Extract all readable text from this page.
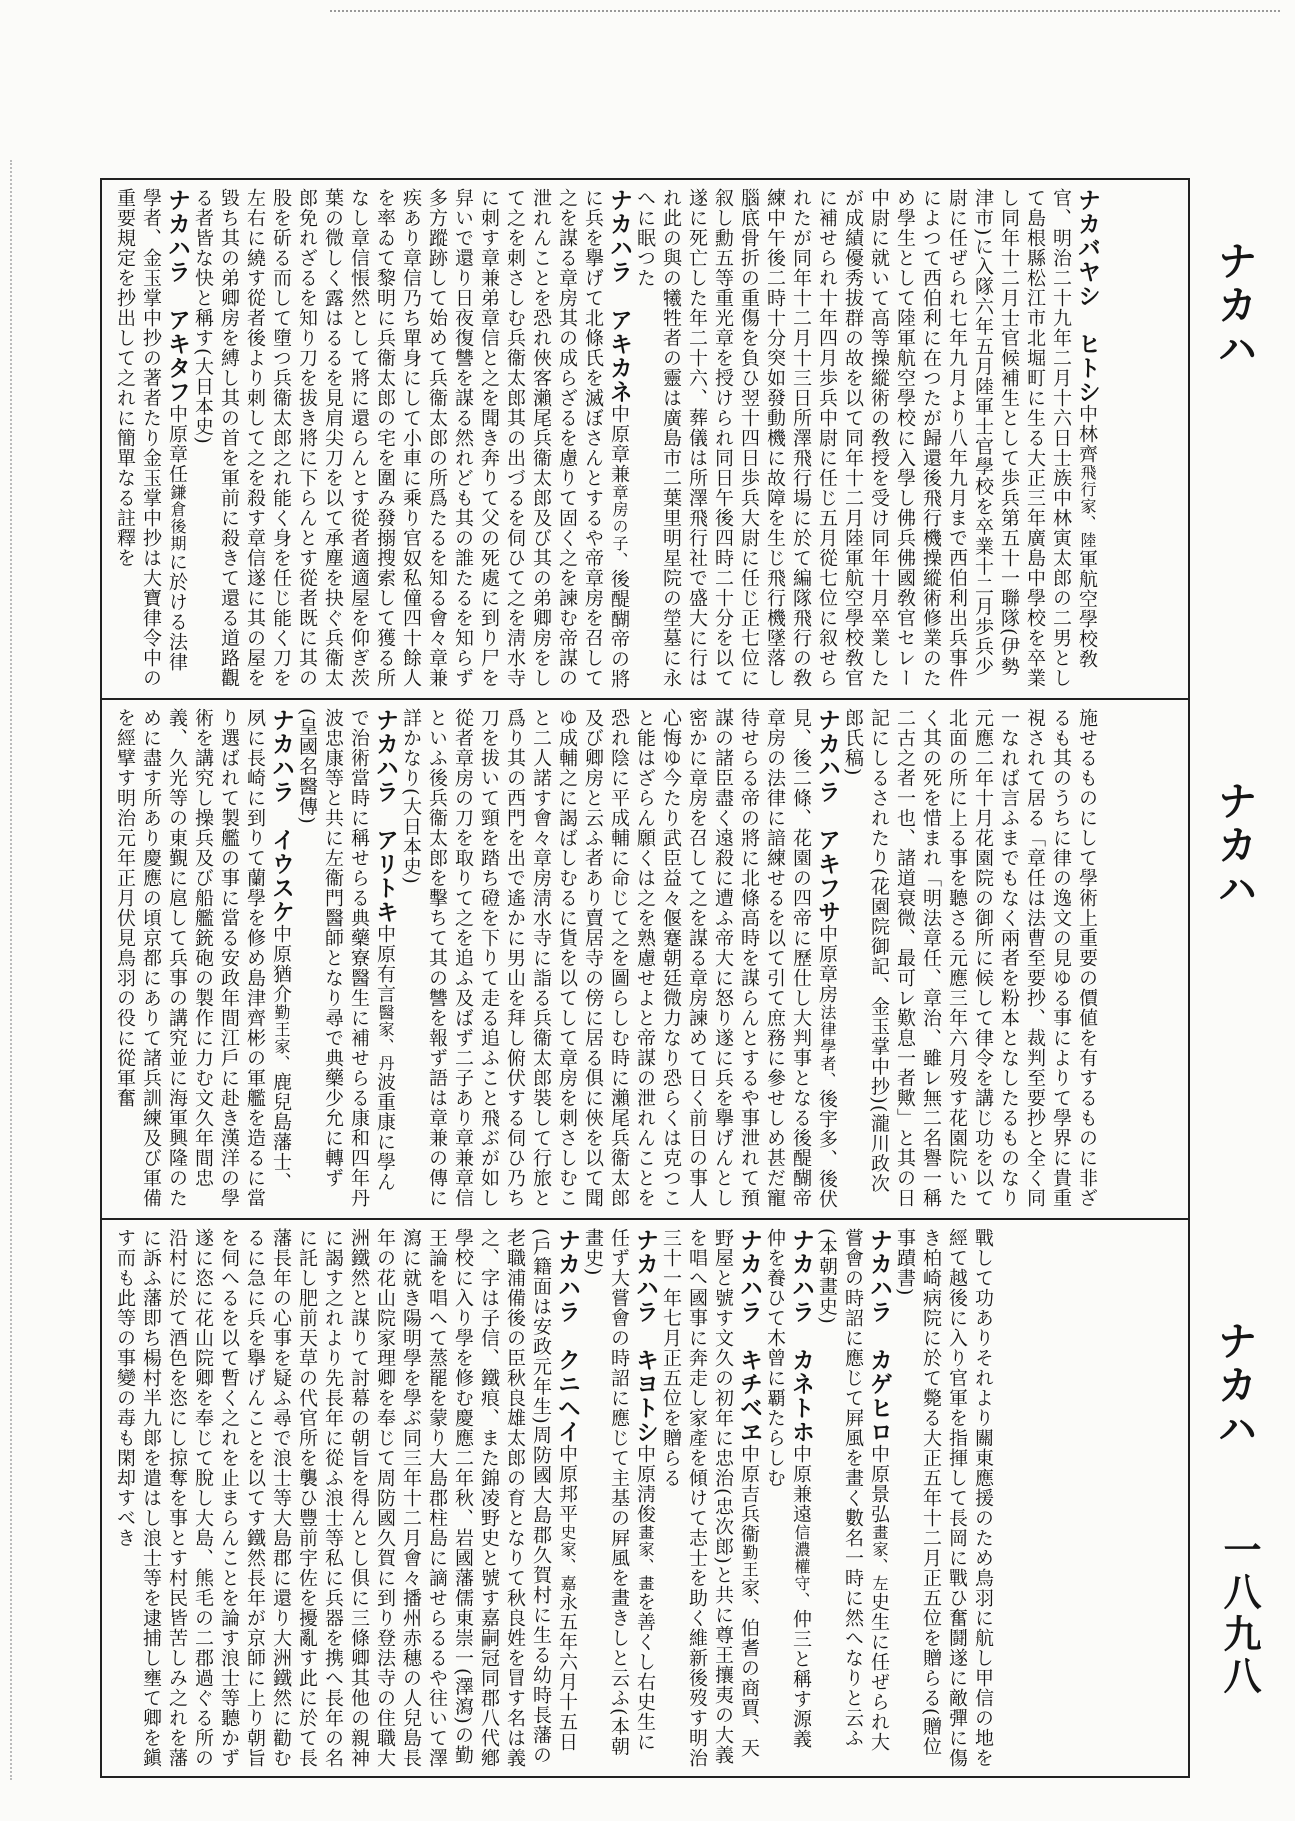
ナカバヤシ　ヒトシ中林齊飛行家、陸軍航空學校敎官、明治二十九年二月十六日士族中林寅太郎の二男として島根縣松江市北堀町に生る大正三年廣島中學校を卒業し同年十二月士官候補生として歩兵第五十一聯隊(伊勢津市)に入隊六年五月陸軍士官學校を卒業十二月歩兵少尉に任ぜられ七年九月より八年九月まで西伯利出兵事件によつて西伯利に在つたが歸還後飛行機操縱術修業のため學生として陸軍航空學校に入學し佛兵佛國敎官セレー中尉に就いて高等操縱術の敎授を受け同年十月卒業したが成績優秀拔群の故を以て同年十二月陸軍航空學校敎官に補せられ十年四月歩兵中尉に任じ五月從七位に叙せられたが同年十二月十三日所澤飛行場に於て編隊飛行の敎練中午後二時十分突如發動機に故障を生じ飛行機墜落し腦底骨折の重傷を負ひ翌十四日歩兵大尉に任じ正七位に叙し勳五等重光章を授けられ同日午後四時二十分を以て遂に死亡した年二十六、葬儀は所澤飛行社で盛大に行はれ此の與の犧牲者の靈は廣島市二葉里明星院の塋墓に永へに眠つた
ナカハラ　アキカネ中原章兼章房の子、後醍醐帝の將に兵を擧げて北條氏を滅ぼさんとするや帝章房を召して之を謀る章房其の成らざるを慮りて固く之を諫む帝謀の泄れんことを恐れ俠客瀨尾兵衞太郎及び其の弟卿房をして之を刺さしむ兵衞太郎其の出づるを伺ひて之を淸水寺に刺す章兼弟章信と之を聞き奔りて父の死處に到り尸を舁いで還り日夜復讐を謀る然れども其の誰たるを知らず多方蹤跡して始めて兵衞太郎の所爲たるを知る會々章兼疾あり章信乃ち單身にして小車に乘り官奴私僮四十餘人を率ゐて黎明に兵衞太郎の宅を圍み發搦搜索して獲る所なし章信悵然として將に還らんとす從者適適屋を仰ぎ茨葉の微しく露はるるを見肩尖刀を以て承塵を抉ぐ兵衞太郎免れざるを知り刀を拔き將に下らんとす從者既に其の股を斫る而して墮つ兵衞太郎之れ能く身を任じ能く刀を左右に繞す從者後より刺して之を殺す章信遂に其の屋を毀ち其の弟卿房を縛し其の首を軍前に殺きて還る道路觀る者皆な快と稱す(大日本史)
ナカハラ　アキタフ中原章任鎌倉後期に於ける法律學者、金玉掌中抄の著者たり金玉掌中抄は大寶律令中の重要規定を抄出して之れに簡單なる註釋を
施せるものにして學術上重要の價値を有するものに非ざるも其のうちに律の逸文の見ゆる事によりて學界に貴重視されて居る「章任は法曹至要抄、裁判至要抄と全く同一なれば言ふまでもなく兩者を粉本となしたるものなり元應二年十月花園院の御所に候して律令を講じ功を以て北面の所に上る事を聽さる元應三年六月歿す花園院いたく其の死を惜まれ「明法章任、章治、雖レ無二名譽一稱二古之者一也、諸道衰微、最可レ歎息一者歟」と其の日記にしるされたり(花園院御記、金玉掌中抄)(瀧川政次郎氏稿)
ナカハラ　アキフサ中原章房法律學者、後宇多、後伏見、後二條、花園の四帝に歷仕し大判事となる後醍醐帝章房の法律に諳練せるを以て引て庶務に參せしめ甚だ寵待せらる帝の將に北條高時を謀らんとするや事泄れて預謀の諸臣盡く遠殺に遭ふ帝大に怒り遂に兵を擧げんとし密かに章房を召して之を謀る章房諫めて日く前日の事人心悔ゆ今たり武臣益々偃蹇朝廷微力なり恐らくは克つこと能はざらん願くは之を熟慮せよと帝謀の泄れんことを恐れ陰に平成輔に命じて之を圖らしむ時に瀨尾兵衞太郎及び卿房と云ふ者あり賣居寺の傍に居る俱に俠を以て聞ゆ成輔之に謁ばしむるに貨を以てして章房を刺さしむこと二人諾す會々章房淸水寺に詣る兵衞太郎裝して行旅と爲り其の西門を出で遙かに男山を拜し俯伏する伺ひ乃ち刀を拔いて頸を踏ち磴を下りて走る追ふこと飛ぶが如し從者章房の刀を取りて之を追ふ及ばず二子あり章兼章信といふ後兵衞太郎を擊ちて其の讐を報ず語は章兼の傳に詳かなり(大日本史)
ナカハラ　アリトキ中原有言醫家、丹波重康に學んで治術當時に稱せらる典藥寮醫生に補せらる康和四年丹波忠康等と共に左衞門醫師となり尋で典藥少允に轉ず(皇國名醫傳)
ナカハラ　イウスケ中原猶介勤王家、鹿兒島藩士、夙に長崎に到りて蘭學を修め島津齊彬の軍艦を造るに當り選ばれて製艦の事に當る安政年間江戶に赴き漢洋の學術を講究し操兵及び船艦銃砲の製作に力む文久年間忠義、久光等の東覲に扈して兵事の講究並に海軍興隆のために盡す所あり慶應の頃京都にありて諸兵訓練及び軍備を經擘す明治元年正月伏見鳥羽の役に從軍奮
戰して功ありそれより關東應援のため鳥羽に航し甲信の地を經て越後に入り官軍を指揮して長岡に戰ひ奮鬪遂に敵彈に傷き柏崎病院に於て斃る大正五年十二月正五位を贈らる(贈位事蹟書)
ナカハラ　カゲヒロ中原景弘畫家、左史生に任ぜられ大嘗會の時詔に應じて屛風を畫く數名一時に然へなりと云ふ(本朝畫史)
ナカハラ　カネトホ中原兼遠信濃權守、仲三と稱す源義仲を養ひて木曾に覇たらしむ
ナカハラ　キチベヱ中原吉兵衞勤王家、伯耆の商賈、天野屋と號す文久の初年に忠治(忠次郎)と共に尊王攘夷の大義を唱へ國事に奔走し家產を傾けて志士を助く維新後歿す明治三十一年七月正五位を贈らる
ナカハラ　キヨトシ中原淸俊畫家、畫を善くし右史生に任ず大嘗會の時詔に應じて主基の屛風を畫きしと云ふ(本朝畫史)
ナカハラ　クニヘイ中原邦平史家、嘉永五年六月十五日(戶籍面は安政元年生)周防國大島郡久賀村に生る幼時長藩の老職浦備後の臣秋良雄太郎の育となりて秋良姓を冒す名は義之、字は子信、鐵痕、また錦凌野史と號す嘉嗣冠同郡八代鄕學校に入り學を修む慶應二年秋、岩國藩儒東崇一(澤瀉)の勤王論を唱へて蒸罷を蒙り大島郡柱島に謫せらるるや往いて澤瀉に就き陽明學を學ぶ同三年十二月會々播州赤穗の人兒島長年の花山院家理卿を奉じて周防國久賀に到り登法寺の住職大洲鐵然と謀りて討幕の朝旨を得んとし俱に三條卿其他の親神に謁す之れより先長年に從ふ浪士等私に兵器を携へ長年の名に託し肥前天草の代官所を襲ひ豐前宇佐を擾亂す此に於て長藩長年の心事を疑ふ尋で浪士等大島郡に還り大洲鐵然に勸むるに急に兵を擧げんことを以てす鐵然長年が京師に上り朝旨を伺へるを以て暫く之れを止まらんことを論す浪士等聽かず遂に恣に花山院卿を奉じて脫し大島、熊毛の二郡過ぐる所の沿村に於て酒色を恣にし掠奪を事とす村民皆苦しみ之れを藩に訴ふ藩即ち楊村半九郞を遣はし浪士等を逮捕し壅て卿を鎭す而も此等の事變の毒も閑却すべき
ナカハ
ナカハ
ナカハ
一八九八
